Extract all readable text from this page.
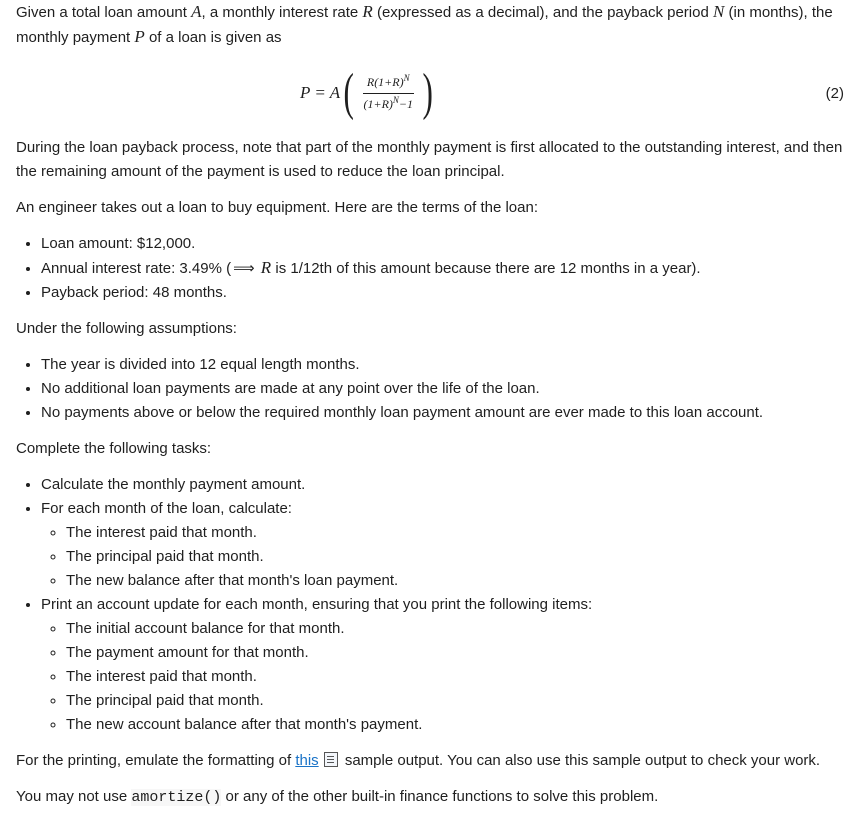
Given a total loan amount A, a monthly interest rate R (expressed as a decimal), and the payback period N (in months), the monthly payment P of a loan is given as

P = A ( $\frac{R(1+R)^N}{(1+R)^N-1}$ )	(2)

During the loan payback process, note that part of the monthly payment is first allocated to the outstanding interest, and then the remaining amount of the payment is used to reduce the loan principal.

An engineer takes out a loan to buy equipment. Here are the terms of the loan:

• Loan amount: $12,000.
• Annual interest rate: 3.49% ( ⟹ R is 1/12th of this amount because there are 12 months in a year).
• Payback period: 48 months.

Under the following assumptions:

• The year is divided into 12 equal length months.
• No additional loan payments are made at any point over the life of the loan.
• No payments above or below the required monthly loan payment amount are ever made to this loan account.

Complete the following tasks:

• Calculate the monthly payment amount.
• For each month of the loan, calculate:
◦ The interest paid that month.
◦ The principal paid that month.
◦ The new balance after that month's loan payment.
• Print an account update for each month, ensuring that you print the following items:
◦ The initial account balance for that month.
◦ The payment amount for that month.
◦ The interest paid that month.
◦ The principal paid that month.
◦ The new account balance after that month's payment.

For the printing, emulate the formatting of this sample output. You can also use this sample output to check your work.

You may not use amortize() or any of the other built-in finance functions to solve this problem.
